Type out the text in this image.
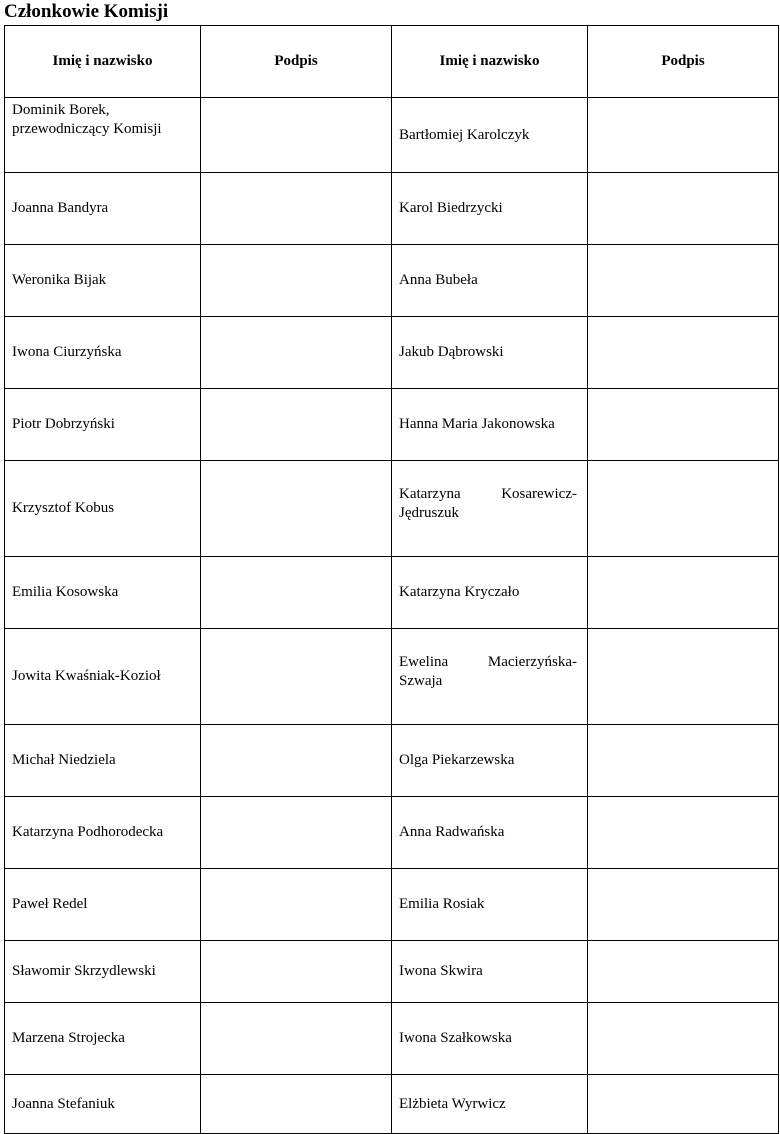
Członkowie Komisji
Imię i nazwisko	Podpis	Imię i nazwisko	Podpis
Dominik Borek, przewodniczący Komisji		Bartłomiej Karolczyk	
Joanna Bandyra		Karol Biedrzycki	
Weronika Bijak		Anna Bubeła	
Iwona Ciurzyńska		Jakub Dąbrowski	
Piotr Dobrzyński		Hanna Maria Jakonowska	
Krzysztof Kobus		Katarzyna Kosarewicz-Jędruszuk	
Emilia Kosowska		Katarzyna Kryczało	
Jowita Kwaśniak-Kozioł		Ewelina Macierzyńska-Szwaja	
Michał Niedziela		Olga Piekarzewska	
Katarzyna Podhorodecka		Anna Radwańska	
Paweł Redel		Emilia Rosiak	
Sławomir Skrzydlewski		Iwona Skwira	
Marzena Strojecka		Iwona Szałkowska	
Joanna Stefaniuk		Elżbieta Wyrwicz	
